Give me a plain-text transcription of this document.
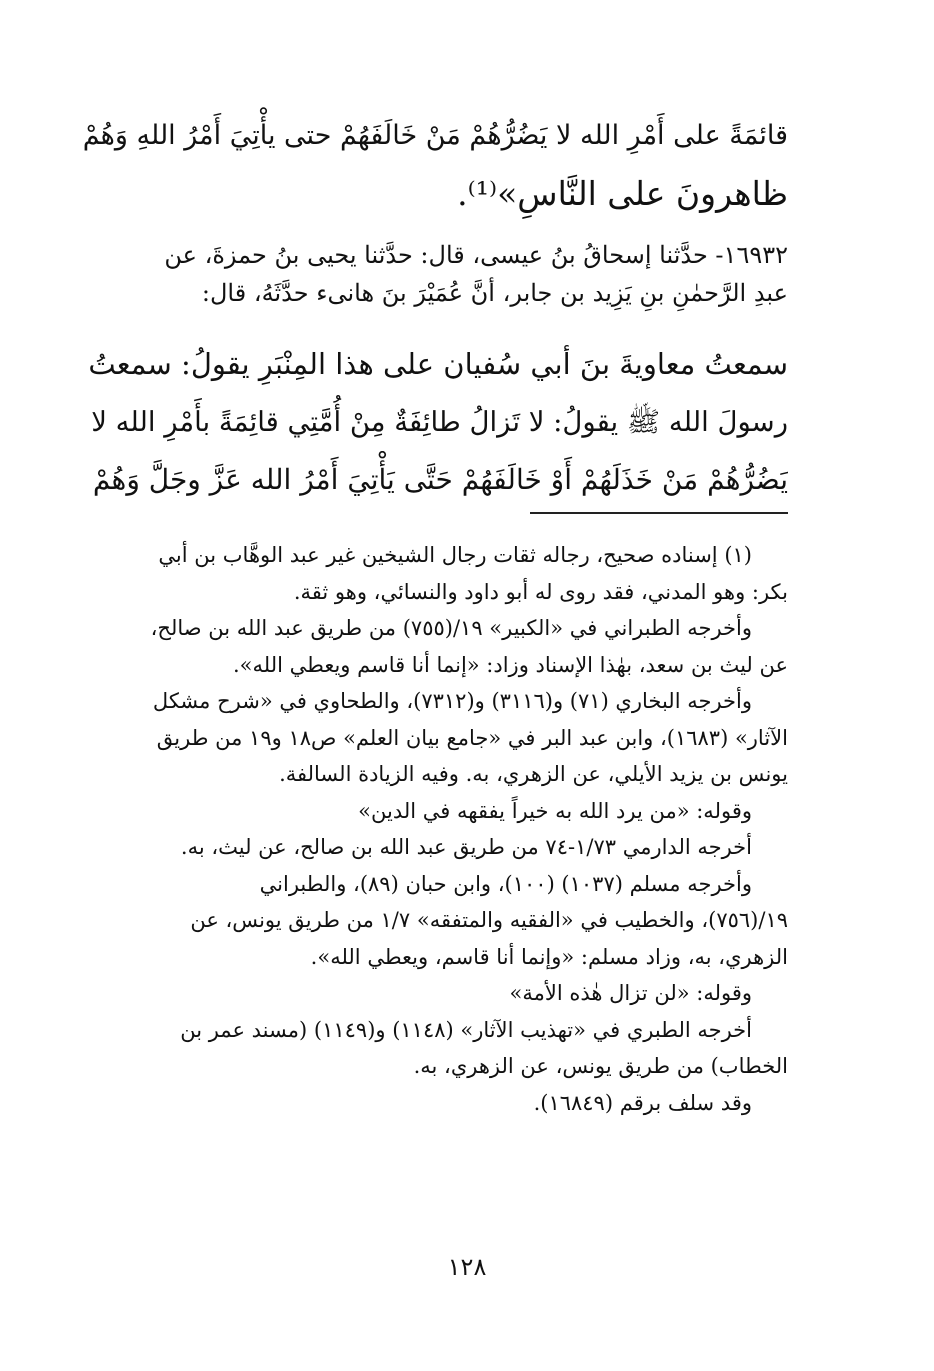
قائمَةً على أَمْرِ الله لا يَضُرُّهُمْ مَنْ خَالَفَهُمْ حتى يأْتِيَ أَمْرُ اللهِ وَهُمْ
ظاهرونَ على النَّاسِ»⁽¹⁾.
١٦٩٣٢- حدَّثنا إسحاقُ بنُ عيسى، قال: حدَّثنا يحيى بنُ حمزةَ، عن
عبدِ الرَّحمٰنِ بنِ يَزِيد بن جابر، أنَّ عُمَيْرَ بنَ هانىء حدَّثَهُ، قال:
سمعتُ معاويةَ بنَ أبي سُفيان على هذا المِنْبَرِ يقولُ: سمعتُ
رسولَ الله ﷺ يقولُ: لا تَزالُ طائِفَةٌ مِنْ أُمَّتِي قائِمَةً بأَمْرِ الله لا
يَضُرُّهُمْ مَنْ خَذَلَهُمْ أَوْ خَالَفَهُمْ حَتَّى يَأْتِيَ أَمْرُ الله عَزَّ وجَلَّ وَهُمْ
(١) إسناده صحيح، رجاله ثقات رجال الشيخين غير عبد الوهَّاب بن أبي
بكر: وهو المدني، فقد روى له أبو داود والنسائي، وهو ثقة.
وأخرجه الطبراني في «الكبير» ١٩/(٧٥٥) من طريق عبد الله بن صالح،
عن ليث بن سعد، بهٰذا الإسناد وزاد: «إنما أنا قاسم ويعطي الله».
وأخرجه البخاري (٧١) و(٣١١٦) و(٧٣١٢)، والطحاوي في «شرح مشكل
الآثار» (١٦٨٣)، وابن عبد البر في «جامع بيان العلم» ص١٨ و١٩ من طريق
يونس بن يزيد الأيلي، عن الزهري، به. وفيه الزيادة السالفة.
وقوله: «من يرد الله به خيراً يفقهه في الدين»
أخرجه الدارمي ١/٧٣-٧٤ من طريق عبد الله بن صالح، عن ليث، به.
وأخرجه مسلم (١٠٣٧) (١٠٠)، وابن حبان (٨٩)، والطبراني
١٩/(٧٥٦)، والخطيب في «الفقيه والمتفقه» ١/٧ من طريق يونس، عن
الزهري، به، وزاد مسلم: «وإنما أنا قاسم، ويعطي الله».
وقوله: «لن تزال هٰذه الأمة»
أخرجه الطبري في «تهذيب الآثار» (١١٤٨) و(١١٤٩) (مسند عمر بن
الخطاب) من طريق يونس، عن الزهري، به.
وقد سلف برقم (١٦٨٤٩).
١٢٨
